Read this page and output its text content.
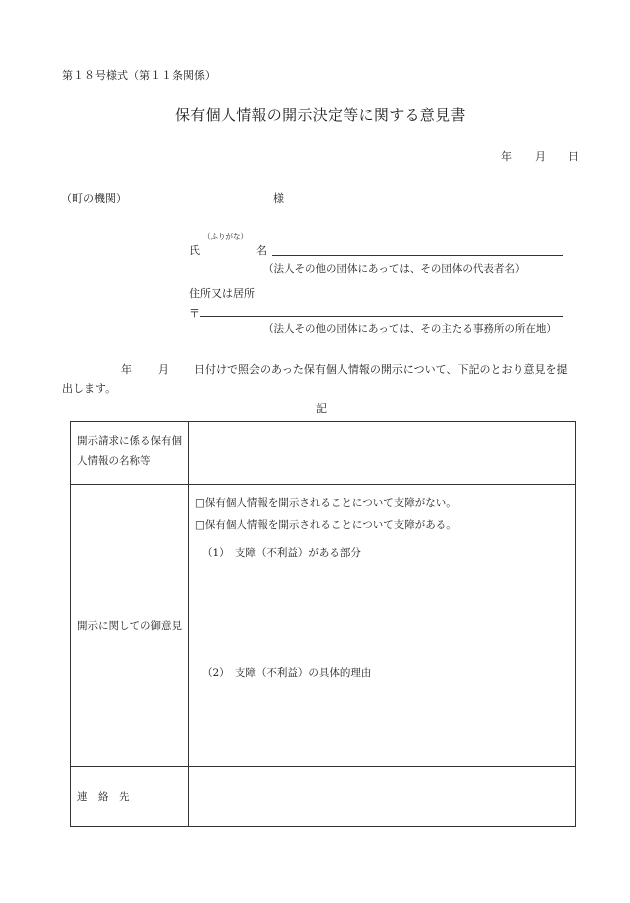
第１８号様式（第１１条関係）
保有個人情報の開示決定等に関する意見書
年 月 日
（町の機関）	様
（ふりがな）
氏	名
（法人その他の団体にあっては、その団体の代表者名）
住所又は居所
〒
（法人その他の団体にあっては、その主たる事務所の所在地）
年 月 日付けで照会のあった保有個人情報の開示について、下記のとおり意見を提
出します。
記
開示請求に係る保有個人情報の名称等	

開示に関しての御意見	□保有個人情報を開示されることについて支障がない。
□保有個人情報を開示されることについて支障がある。
（1）　支障（不利益）がある部分
（2）　支障（不利益）の具体的理由

連　絡　先	
